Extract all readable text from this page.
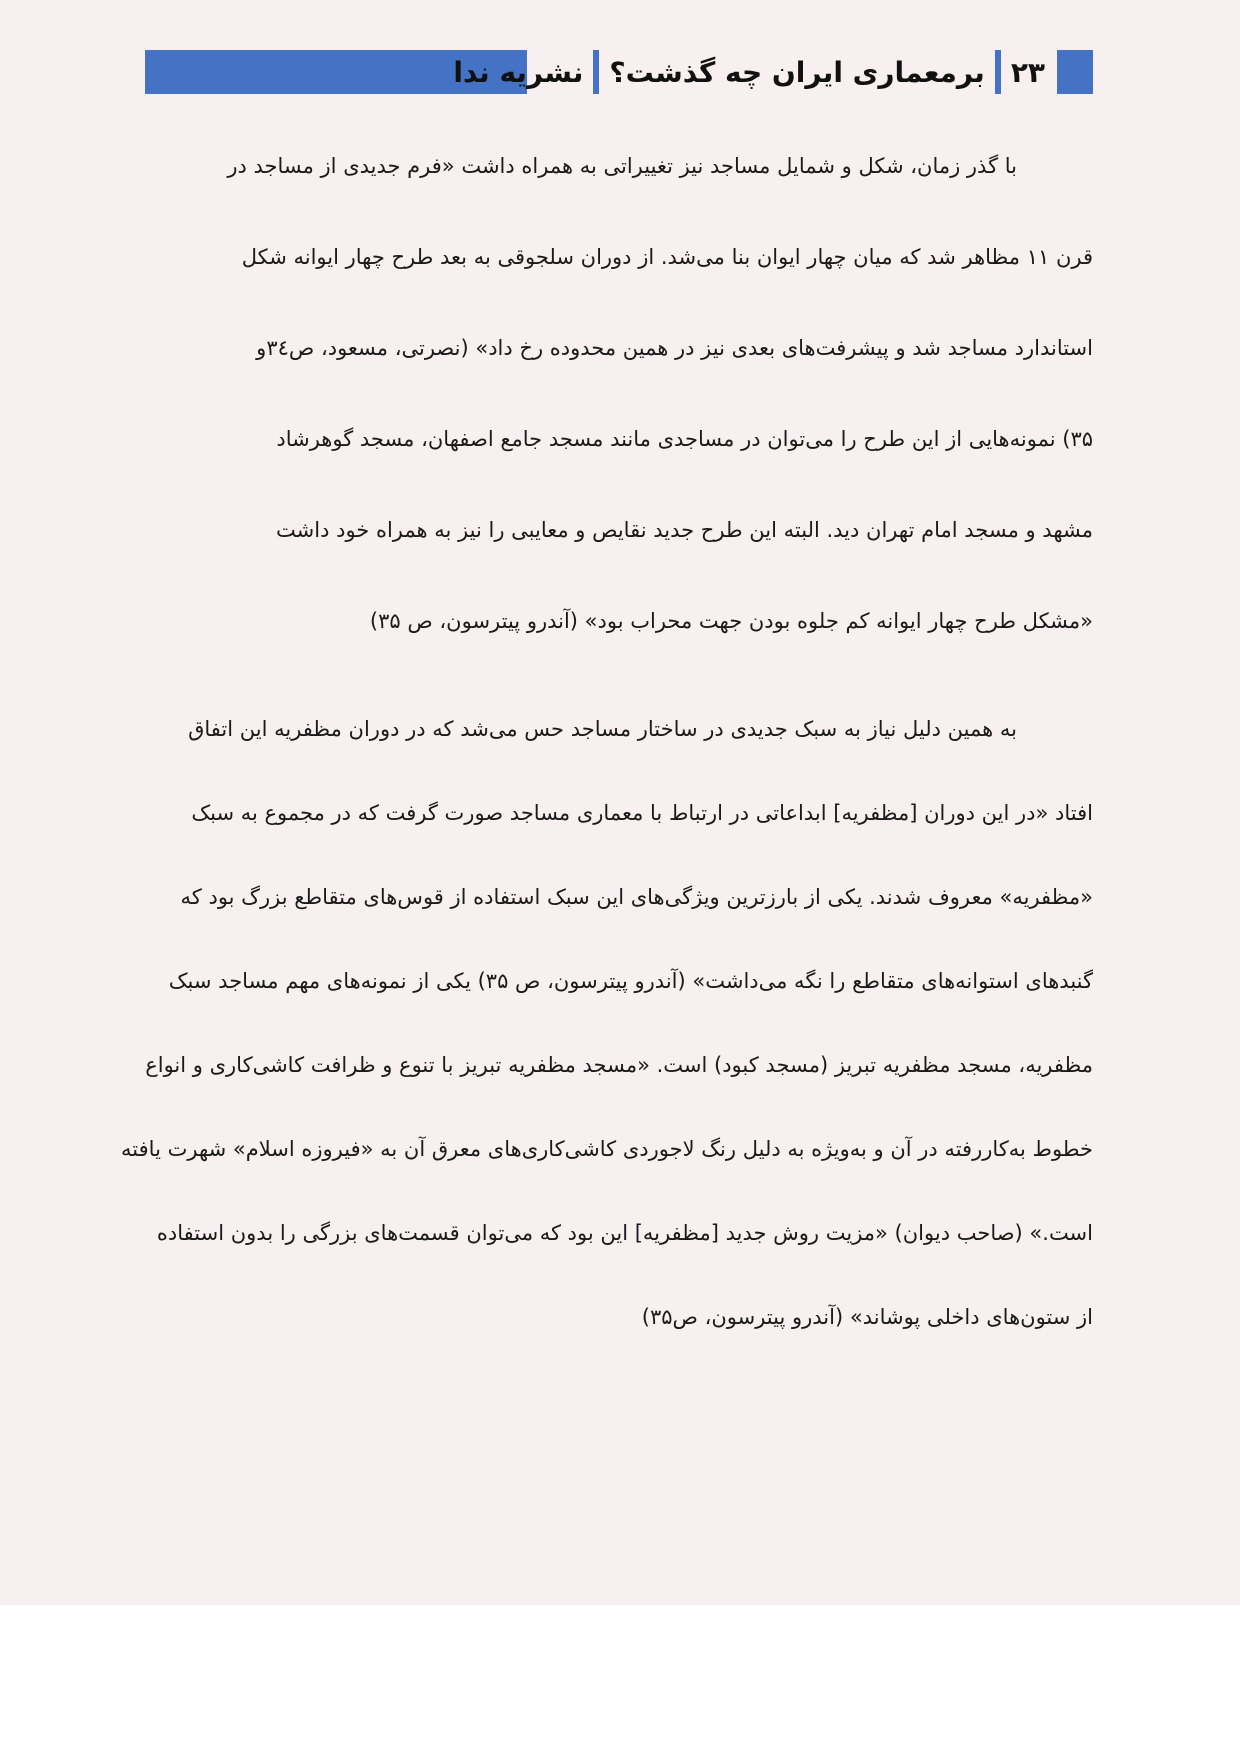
نشریه ندا برمعماری ایران چه گذشت؟ ۲۳

با گذر زمان، شکل و شمایل مساجد نیز تغییراتی به همراه داشت «فرم جدیدی از مساجد در

قرن ۱۱ مظاهر شد که میان چهار ایوان بنا می‌شد. از دوران سلجوقی به بعد طرح چهار ایوانه شکل

استاندارد مساجد شد و پیشرفت‌های بعدی نیز در همین محدوده رخ داد» (نصرتی، مسعود، ص۳٤و

۳۵) نمونه‌هایی از این طرح را می‌توان در مساجدی مانند مسجد جامع اصفهان، مسجد گوهرشاد

مشهد و مسجد امام تهران دید. البته این طرح جدید نقایص و معایبی را نیز به همراه خود داشت

«مشکل طرح چهار ایوانه کم جلوه بودن جهت محراب بود» (آندرو پیترسون، ص ۳۵)

به همین دلیل نیاز به سبک جدیدی در ساختار مساجد حس می‌شد که در دوران مظفریه این اتفاق

افتاد «در این دوران [مظفریه] ابداعاتی در ارتباط با معماری مساجد صورت گرفت که در مجموع به سبک

«مظفریه» معروف شدند. یکی از بارزترین ویژگی‌های این سبک استفاده از قوس‌های متقاطع بزرگ بود که

گنبدهای استوانه‌های متقاطع را نگه می‌داشت» (آندرو پیترسون، ص ۳۵) یکی از نمونه‌های مهم مساجد سبک

مظفریه، مسجد مظفریه تبریز (مسجد کبود) است. «مسجد مظفریه تبریز با تنوع و ظرافت کاشی‌کاری و انواع

خطوط به‌کاررفته در آن و به‌ویژه به دلیل رنگ لاجوردی کاشی‌کاری‌های معرق آن به «فیروزه اسلام» شهرت یافته

است.» (صاحب دیوان) «مزیت روش جدید [مظفریه] این بود که می‌توان قسمت‌های بزرگی را بدون استفاده

از ستون‌های داخلی پوشاند» (آندرو پیترسون، ص۳۵)
